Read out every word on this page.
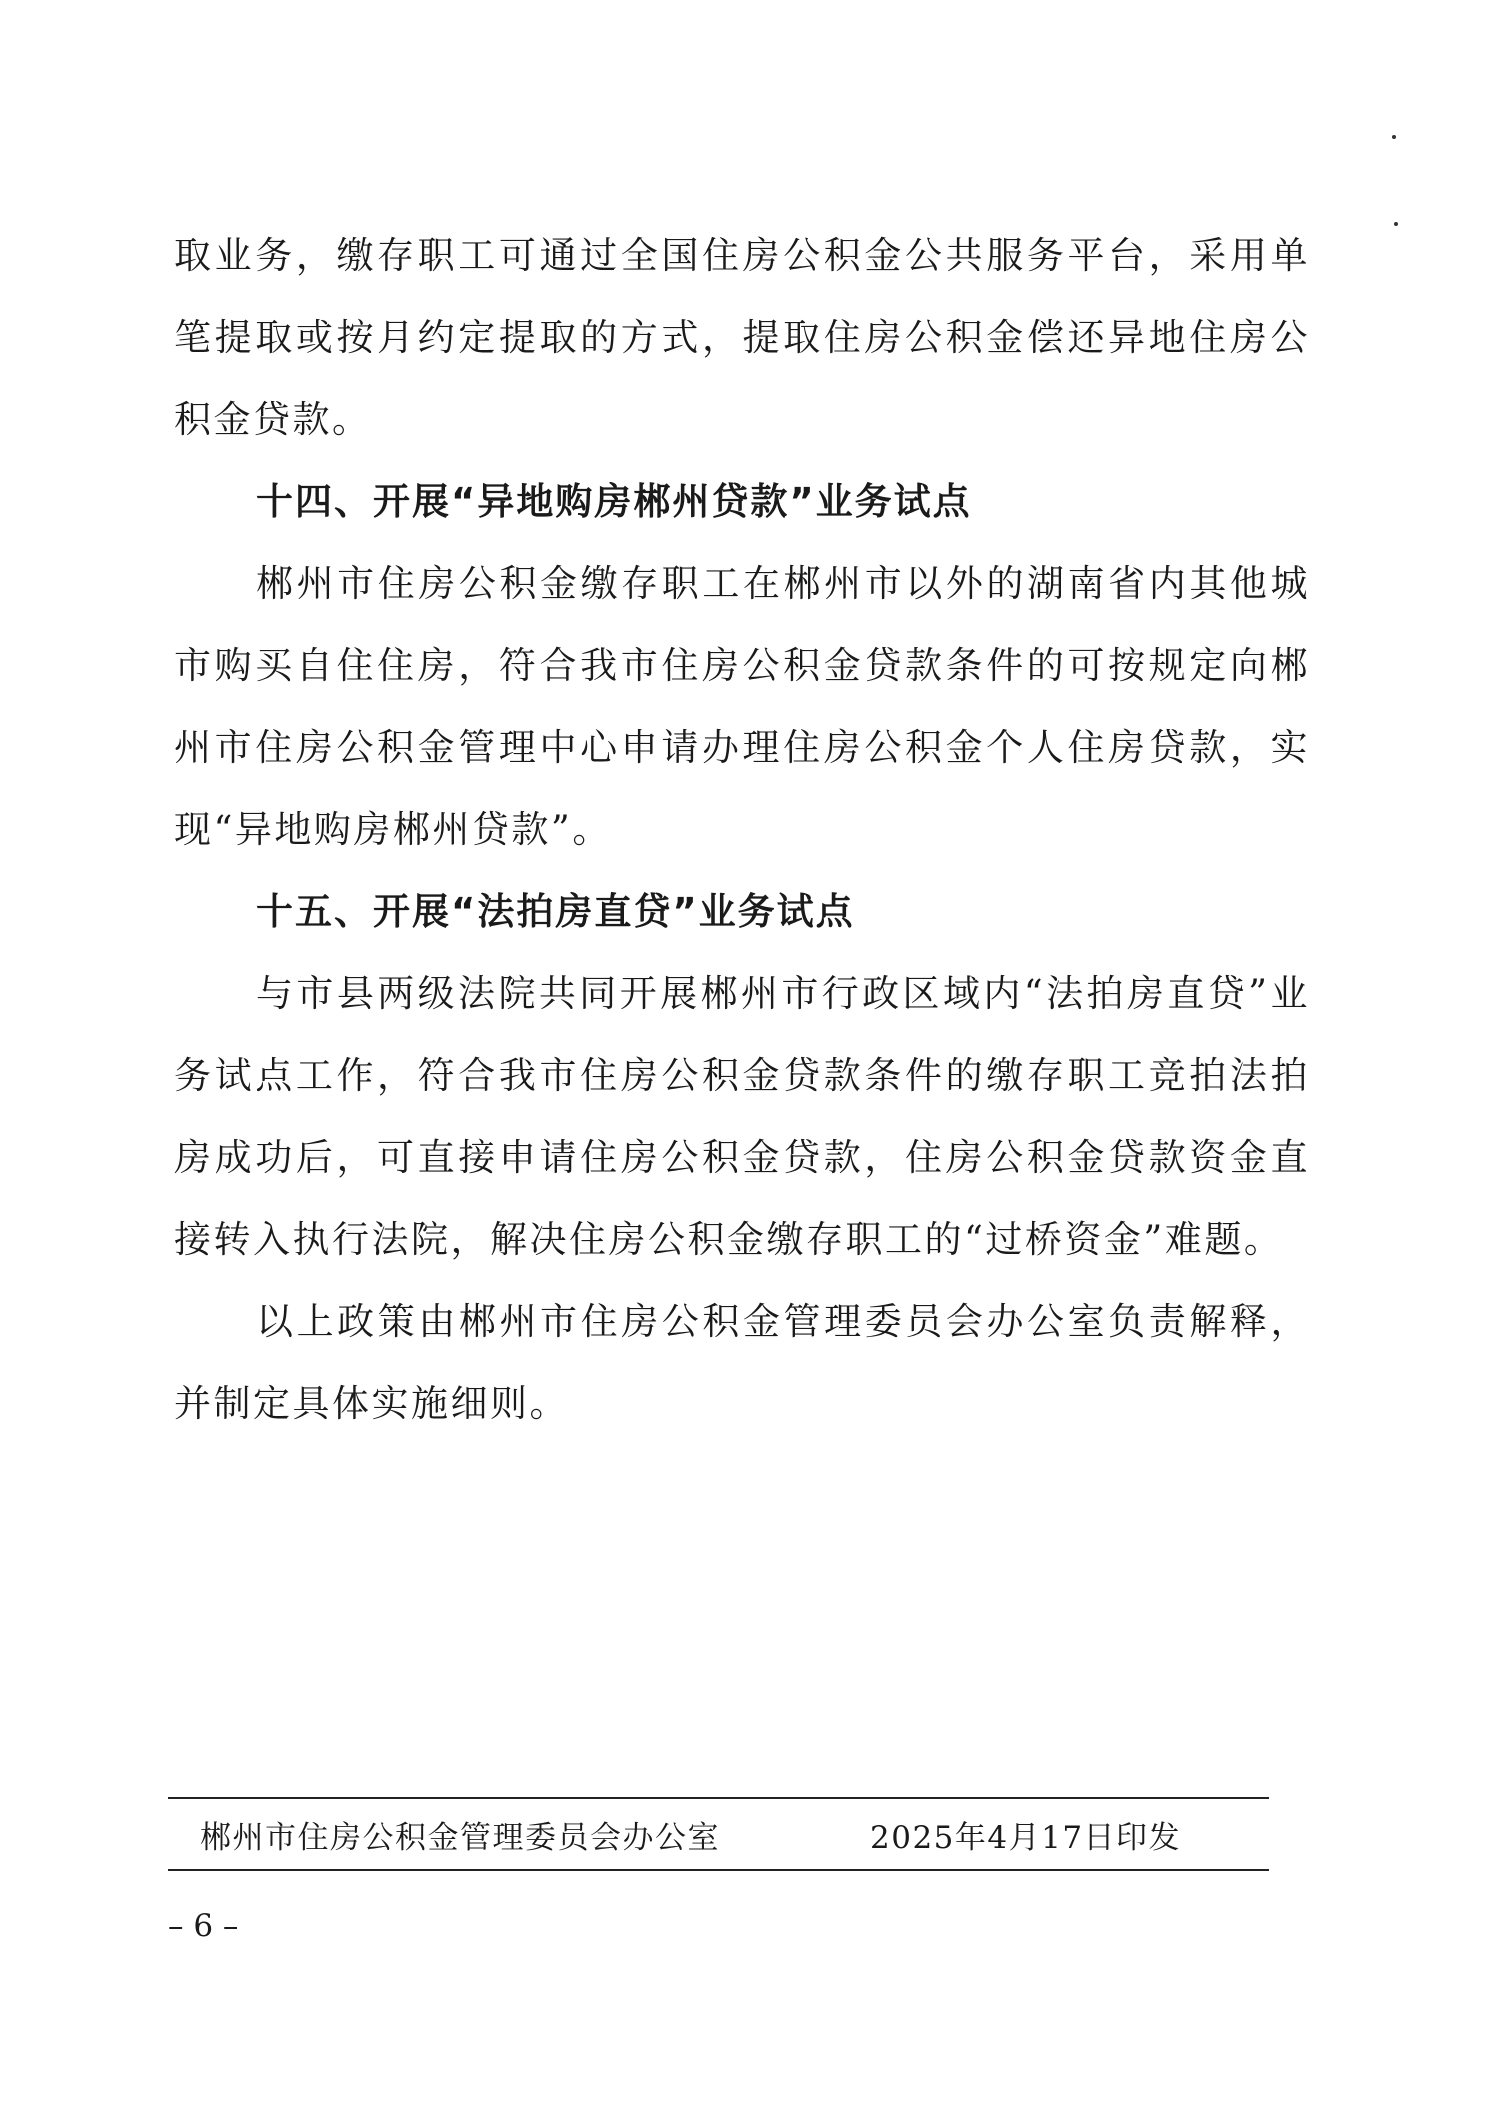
取业务，缴存职工可通过全国住房公积金公共服务平台，采用单笔提取或按月约定提取的方式，提取住房公积金偿还异地住房公积金贷款。

十四、开展“异地购房郴州贷款”业务试点

郴州市住房公积金缴存职工在郴州市以外的湖南省内其他城市购买自住住房，符合我市住房公积金贷款条件的可按规定向郴州市住房公积金管理中心申请办理住房公积金个人住房贷款，实现“异地购房郴州贷款”。

十五、开展“法拍房直贷”业务试点

与市县两级法院共同开展郴州市行政区域内“法拍房直贷”业务试点工作，符合我市住房公积金贷款条件的缴存职工竞拍法拍房成功后，可直接申请住房公积金贷款，住房公积金贷款资金直接转入执行法院，解决住房公积金缴存职工的“过桥资金”难题。

以上政策由郴州市住房公积金管理委员会办公室负责解释，并制定具体实施细则。

郴州市住房公积金管理委员会办公室	2025年4月17日印发
– 6 –
